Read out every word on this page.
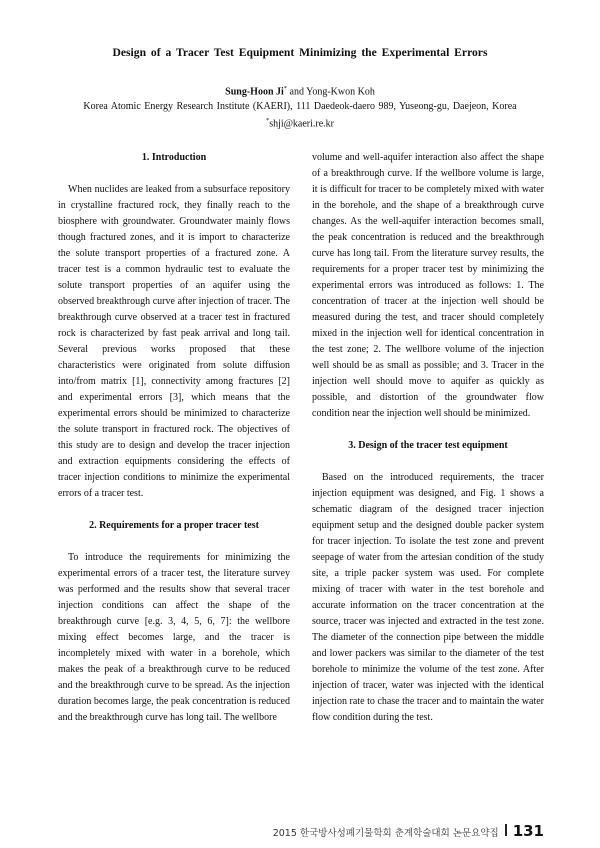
Design of a Tracer Test Equipment Minimizing the Experimental Errors
Sung-Hoon Ji* and Yong-Kwon Koh
Korea Atomic Energy Research Institute (KAERI), 111 Daedeok-daero 989, Yuseong-gu, Daejeon, Korea
*shji@kaeri.re.kr
1. Introduction

When nuclides are leaked from a subsurface repository in crystalline fractured rock, they finally reach to the biosphere with groundwater. Groundwater mainly flows though fractured zones, and it is import to characterize the solute transport properties of a fractured zone. A tracer test is a common hydraulic test to evaluate the solute transport properties of an aquifer using the observed breakthrough curve after injection of tracer. The breakthrough curve observed at a tracer test in fractured rock is characterized by fast peak arrival and long tail. Several previous works proposed that these characteristics were originated from solute diffusion into/from matrix [1], connectivity among fractures [2] and experimental errors [3], which means that the experimental errors should be minimized to characterize the solute transport in fractured rock. The objectives of this study are to design and develop the tracer injection and extraction equipments considering the effects of tracer injection conditions to minimize the experimental errors of a tracer test.

2. Requirements for a proper tracer test

To introduce the requirements for minimizing the experimental errors of a tracer test, the literature survey was performed and the results show that several tracer injection conditions can affect the shape of the breakthrough curve [e.g. 3, 4, 5, 6, 7]: the wellbore mixing effect becomes large, and the tracer is incompletely mixed with water in a borehole, which makes the peak of a breakthrough curve to be reduced and the breakthrough curve to be spread. As the injection duration becomes large, the peak concentration is reduced and the breakthrough curve has long tail. The wellbore

volume and well-aquifer interaction also affect the shape of a breakthrough curve. If the wellbore volume is large, it is difficult for tracer to be completely mixed with water in the borehole, and the shape of a breakthrough curve changes. As the well-aquifer interaction becomes small, the peak concentration is reduced and the breakthrough curve has long tail. From the literature survey results, the requirements for a proper tracer test by minimizing the experimental errors was introduced as follows: 1. The concentration of tracer at the injection well should be measured during the test, and tracer should completely mixed in the injection well for identical concentration in the test zone; 2. The wellbore volume of the injection well should be as small as possible; and 3. Tracer in the injection well should move to aquifer as quickly as possible, and distortion of the groundwater flow condition near the injection well should be minimized.

3. Design of the tracer test equipment

Based on the introduced requirements, the tracer injection equipment was designed, and Fig. 1 shows a schematic diagram of the designed tracer injection equipment setup and the designed double packer system for tracer injection. To isolate the test zone and prevent seepage of water from the artesian condition of the study site, a triple packer system was used. For complete mixing of tracer with water in the test borehole and accurate information on the tracer concentration at the source, tracer was injected and extracted in the test zone. The diameter of the connection pipe between the middle and lower packers was similar to the diameter of the test borehole to minimize the volume of the test zone. After injection of tracer, water was injected with the identical injection rate to chase the tracer and to maintain the water flow condition during the test.

2015 한국방사성폐기물학회 춘계학술대회 논문요약집 131
